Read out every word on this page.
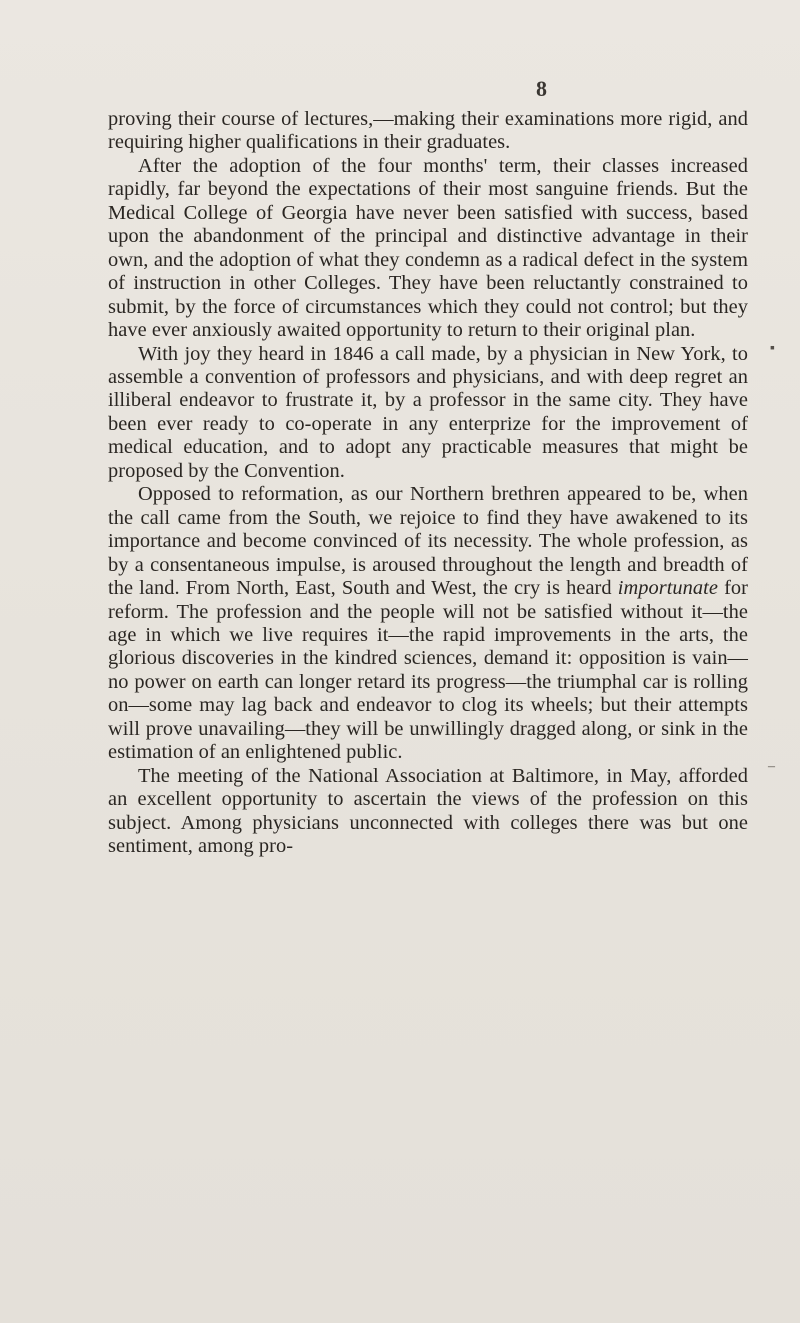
8

proving their course of lectures,—making their examinations more rigid, and requiring higher qualifications in their graduates.

After the adoption of the four months' term, their classes increased rapidly, far beyond the expectations of their most sanguine friends. But the Medical College of Georgia have never been satisfied with success, based upon the abandonment of the principal and distinctive advantage in their own, and the adoption of what they condemn as a radical defect in the system of instruction in other Colleges. They have been reluctantly constrained to submit, by the force of circumstances which they could not control; but they have ever anxiously awaited opportunity to return to their original plan.

With joy they heard in 1846 a call made, by a physician in New York, to assemble a convention of professors and physicians, and with deep regret an illiberal endeavor to frustrate it, by a professor in the same city. They have been ever ready to co-operate in any enterprize for the improvement of medical education, and to adopt any practicable measures that might be proposed by the Convention.

Opposed to reformation, as our Northern brethren appeared to be, when the call came from the South, we rejoice to find they have awakened to its importance and become convinced of its necessity. The whole profession, as by a consentaneous impulse, is aroused throughout the length and breadth of the land. From North, East, South and West, the cry is heard importunate for reform. The profession and the people will not be satisfied without it—the age in which we live requires it—the rapid improvements in the arts, the glorious discoveries in the kindred sciences, demand it: opposition is vain—no power on earth can longer retard its progress—the triumphal car is rolling on—some may lag back and endeavor to clog its wheels; but their attempts will prove unavailing—they will be unwillingly dragged along, or sink in the estimation of an enlightened public.

The meeting of the National Association at Baltimore, in May, afforded an excellent opportunity to ascertain the views of the profession on this subject. Among physicians unconnected with colleges there was but one sentiment, among pro-

▪
–
